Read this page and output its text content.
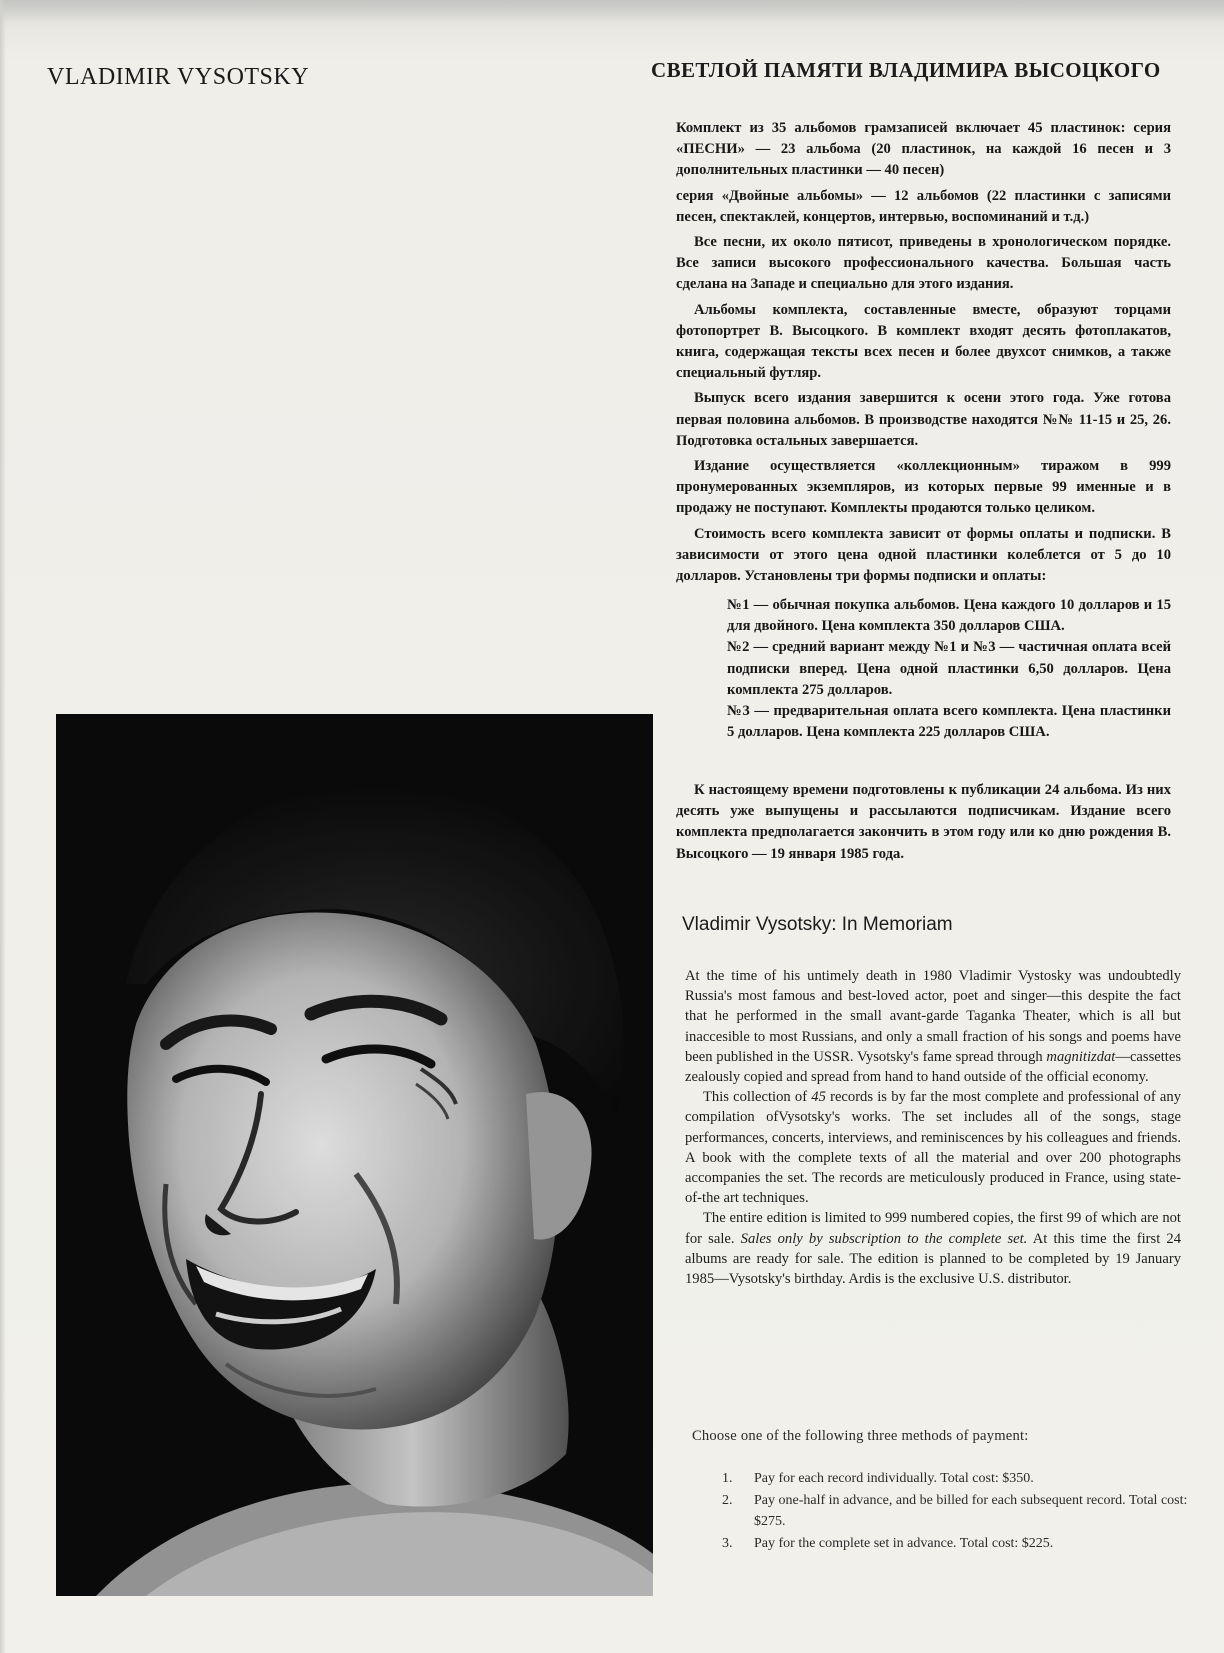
VLADIMIR VYSOTSKY	СВЕТЛОЙ ПАМЯТИ ВЛАДИМИРА ВЫСОЦКОГО

Комплект из 35 альбомов грамзаписей включает 45 пластинок: серия «ПЕСНИ» — 23 альбома (20 пластинок, на каждой 16 песен и 3 дополнительных пластинки — 40 песен)

серия «Двойные альбомы» — 12 альбомов (22 пластинки с записями песен, спектаклей, концертов, интервью, воспоминаний и т.д.)

Все песни, их около пятисот, приведены в хронологическом порядке. Все записи высокого профессионального качества. Большая часть сделана на Западе и специально для этого издания.

Альбомы комплекта, составленные вместе, образуют торцами фотопортрет В. Высоцкого. В комплект входят десять фотоплакатов, книга, содержащая тексты всех песен и более двухсот снимков, а также специальный футляр.

Выпуск всего издания завершится к осени этого года. Уже готова первая половина альбомов. В производстве находятся №№ 11-15 и 25, 26. Подготовка остальных завершается.

Издание осуществляется «коллекционным» тиражом в 999 пронумерованных экземпляров, из которых первые 99 именные и в продажу не поступают. Комплекты продаются только целиком.

Стоимость всего комплекта зависит от формы оплаты и подписки. В зависимости от этого цена одной пластинки колеблется от 5 до 10 долларов. Установлены три формы подписки и оплаты:

№1 — обычная покупка альбомов. Цена каждого 10 долларов и 15 для двойного. Цена комплекта 350 долларов США.

№2 — средний вариант между №1 и №3 — частичная оплата всей подписки вперед. Цена одной пластинки 6,50 долларов. Цена комплекта 275 долларов.

№3 — предварительная оплата всего комплекта. Цена пластинки 5 долларов. Цена комплекта 225 долларов США.

К настоящему времени подготовлены к публикации 24 альбома. Из них десять уже выпущены и рассылаются подписчикам. Издание всего комплекта предполагается закончить в этом году или ко дню рождения В. Высоцкого — 19 января 1985 года.

Vladimir Vysotsky: In Memoriam

At the time of his untimely death in 1980 Vladimir Vystosky was undoubtedly Russia's most famous and best-loved actor, poet and singer—this despite the fact that he performed in the small avant-garde Taganka Theater, which is all but inaccesible to most Russians, and only a small fraction of his songs and poems have been published in the USSR. Vysotsky's fame spread through magnitizdat—cassettes zealously copied and spread from hand to hand outside of the official economy.

This collection of 45 records is by far the most complete and professional of any compilation ofVysotsky's works. The set includes all of the songs, stage performances, concerts, interviews, and reminiscences by his colleagues and friends. A book with the complete texts of all the material and over 200 photographs accompanies the set. The records are meticulously produced in France, using state-of-the art techniques.

The entire edition is limited to 999 numbered copies, the first 99 of which are not for sale. Sales only by subscription to the complete set. At this time the first 24 albums are ready for sale. The edition is planned to be completed by 19 January 1985—Vysotsky's birthday. Ardis is the exclusive U.S. distributor.

Choose one of the following three methods of payment:
1. Pay for each record individually. Total cost: $350.
2. Pay one-half in advance, and be billed for each subsequent record. Total cost: $275.
3. Pay for the complete set in advance. Total cost: $225.
